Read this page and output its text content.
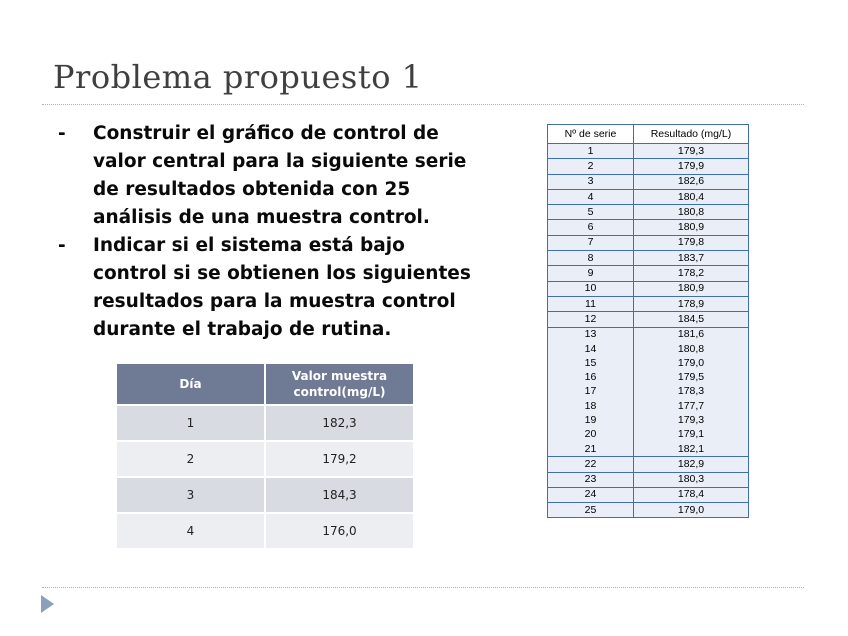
Problema propuesto 1
-	Construir el gráfico de control de valor central para la siguiente serie de resultados obtenida con 25 análisis de una muestra control.
-	Indicar si el sistema está bajo control si se obtienen los siguientes resultados para la muestra control durante el trabajo de rutina.
Día	Valor muestra control(mg/L)
1	182,3
2	179,2
3	184,3
4	176,0
Nº de serie	Resultado (mg/L)
1	179,3
2	179,9
3	182,6
4	180,4
5	180,8
6	180,9
7	179,8
8	183,7
9	178,2
10	180,9
11	178,9
12	184,5
13	181,6
14	180,8
15	179,0
16	179,5
17	178,3
18	177,7
19	179,3
20	179,1
21	182,1
22	182,9
23	180,3
24	178,4
25	179,0
